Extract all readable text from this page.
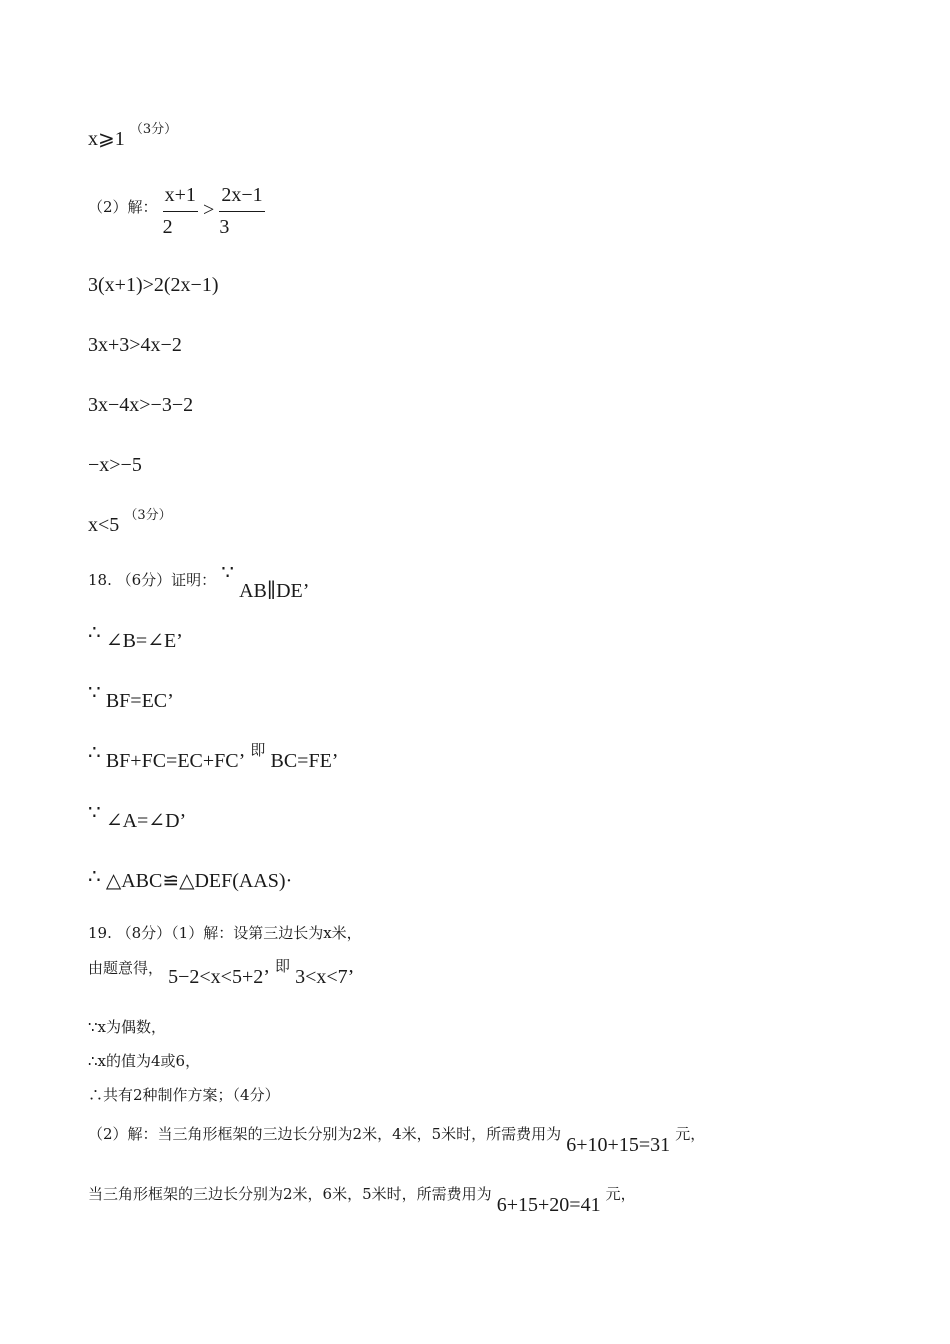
x⩾1 $^{(3分)}$
（2）解： $\frac{x+1}{2} > \frac{2x-1}{3}$
3(x+1)>2(2x−1)
3x+3>4x−2
3x−4x>−3−2
−x>−5
x<5 $^{(3分)}$
18. （6分）证明： ∵ AB∥DE’
∴ ∠B=∠E’
∵ BF=EC’
∴ BF+FC=EC+FC’ 即 BC=FE’
∵ ∠A=∠D’
∴ △ABC≌△DEF(AAS)·
19. （8分）（1）解：设第三边长为x米，
由题意得， 5−2<x<5+2’ 即 3<x<7’
∵x为偶数，
∴x的值为4或6，
∴共有2种制作方案；（4分）
（2）解：当三角形框架的三边长分别为2米，4米，5米时，所需费用为 6+10+15=31 元，
当三角形框架的三边长分别为2米，6米，5米时，所需费用为 6+15+20=41 元，
